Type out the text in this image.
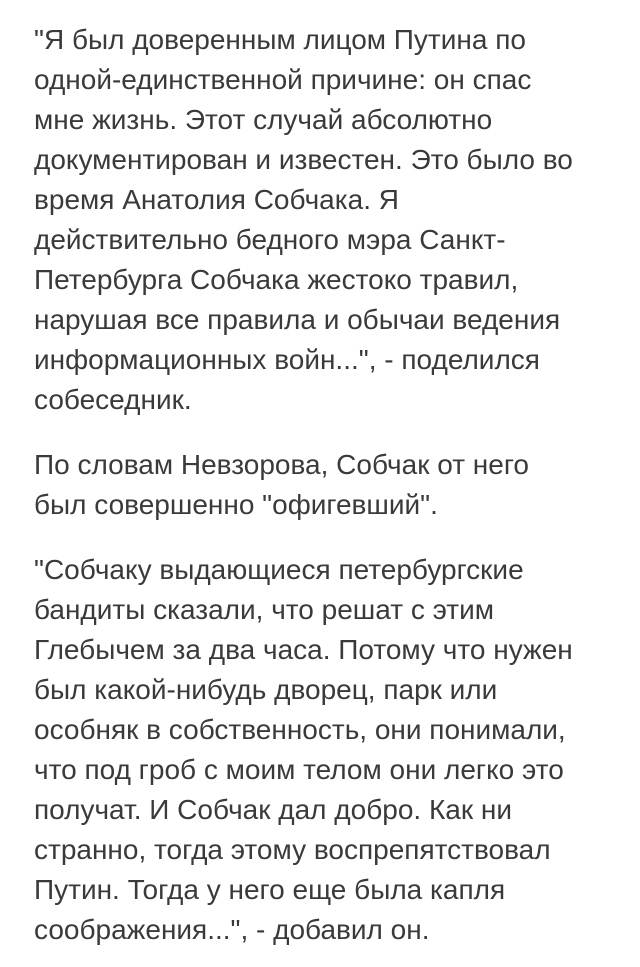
"Я был доверенным лицом Путина по
одной-единственной причине: он спас
мне жизнь. Этот случай абсолютно
документирован и известен. Это было во
время Анатолия Собчака. Я
действительно бедного мэра Санкт-
Петербурга Собчака жестоко травил,
нарушая все правила и обычаи ведения
информационных войн...", - поделился
собеседник.

По словам Невзорова, Собчак от него
был совершенно "офигевший".

"Собчаку выдающиеся петербургские
бандиты сказали, что решат с этим
Глебычем за два часа. Потому что нужен
был какой-нибудь дворец, парк или
особняк в собственность, они понимали,
что под гроб с моим телом они легко это
получат. И Собчак дал добро. Как ни
странно, тогда этому воспрепятствовал
Путин. Тогда у него еще была капля
соображения...", - добавил он.
